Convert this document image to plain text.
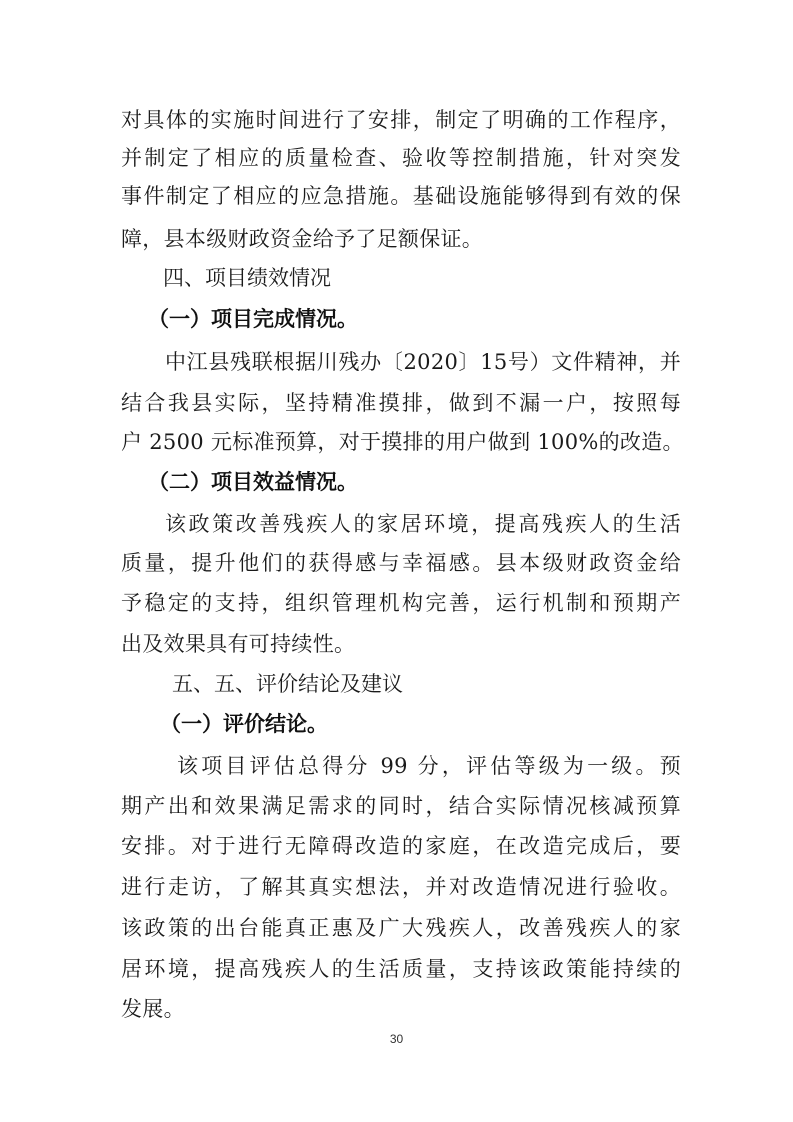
对具体的实施时间进行了安排，制定了明确的工作程序，
并制定了相应的质量检查、验收等控制措施，针对突发
事件制定了相应的应急措施。基础设施能够得到有效的保
障，县本级财政资金给予了足额保证。
四、项目绩效情况
（一）项目完成情况。
中江县残联根据川残办〔2020〕15号）文件精神，并
结合我县实际，坚持精准摸排，做到不漏一户，按照每
户 2500 元标准预算，对于摸排的用户做到 100%的改造。
（二）项目效益情况。
该政策改善残疾人的家居环境，提高残疾人的生活
质量，提升他们的获得感与幸福感。县本级财政资金给
予稳定的支持，组织管理机构完善，运行机制和预期产
出及效果具有可持续性。
五、五、评价结论及建议
（一）评价结论。
该项目评估总得分 99 分，评估等级为一级。预
期产出和效果满足需求的同时，结合实际情况核减预算
安排。对于进行无障碍改造的家庭，在改造完成后，要
进行走访，了解其真实想法，并对改造情况进行验收。
该政策的出台能真正惠及广大残疾人，改善残疾人的家
居环境，提高残疾人的生活质量，支持该政策能持续的
发展。
30
